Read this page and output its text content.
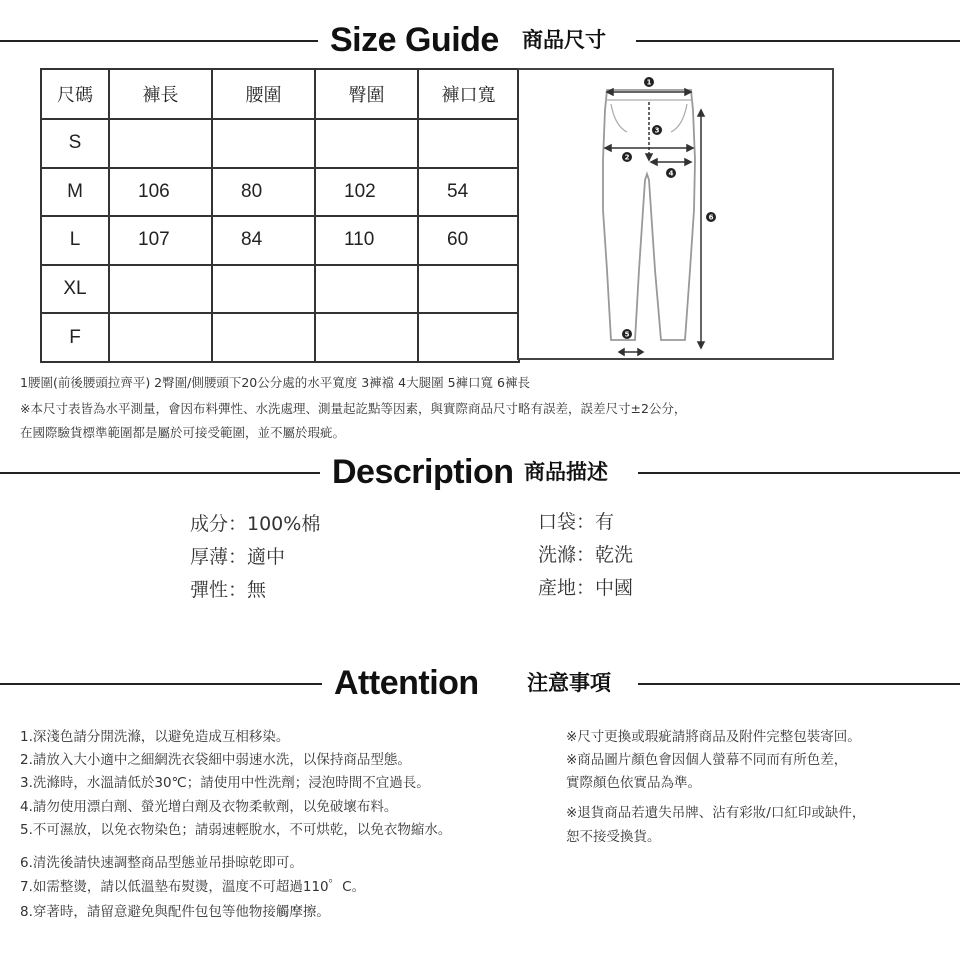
Size Guide 商品尺寸
尺碼	褲長	腰圍	臀圍	褲口寬
S				
M	106	80	102	54
L	107	84	110	60
XL				
F				
1
2
3
4
5
6
1腰圍(前後腰頭拉齊平) 2臀圍/側腰頭下20公分處的水平寬度 3褲襠 4大腿圍 5褲口寬 6褲長
※本尺寸表皆為水平測量，會因布料彈性、水洗處理、測量起訖點等因素，與實際商品尺寸略有誤差，誤差尺寸±2公分，
在國際驗貨標準範圍都是屬於可接受範圍，並不屬於瑕疵。
Description 商品描述
成分：100%棉
厚薄：適中
彈性：無
口袋：有
洗滌：乾洗
產地：中國
Attention 注意事項
1.深淺色請分開洗滌，以避免造成互相移染。
2.請放入大小適中之細網洗衣袋細中弱速水洗，以保持商品型態。
3.洗滌時，水溫請低於30℃；請使用中性洗劑；浸泡時間不宜過長。
4.請勿使用漂白劑、螢光增白劑及衣物柔軟劑，以免破壞布料。
5.不可濕放，以免衣物染色；請弱速輕脫水，不可烘乾，以免衣物縮水。
6.清洗後請快速調整商品型態並吊掛晾乾即可。
7.如需整燙，請以低溫墊布熨燙，溫度不可超過110゜C。
8.穿著時，請留意避免與配件包包等他物接觸摩擦。
※尺寸更換或瑕疵請將商品及附件完整包裝寄回。
※商品圖片顏色會因個人螢幕不同而有所色差，
實際顏色依實品為準。
※退貨商品若遺失吊牌、沾有彩妝/口紅印或缺件，
恕不接受換貨。
